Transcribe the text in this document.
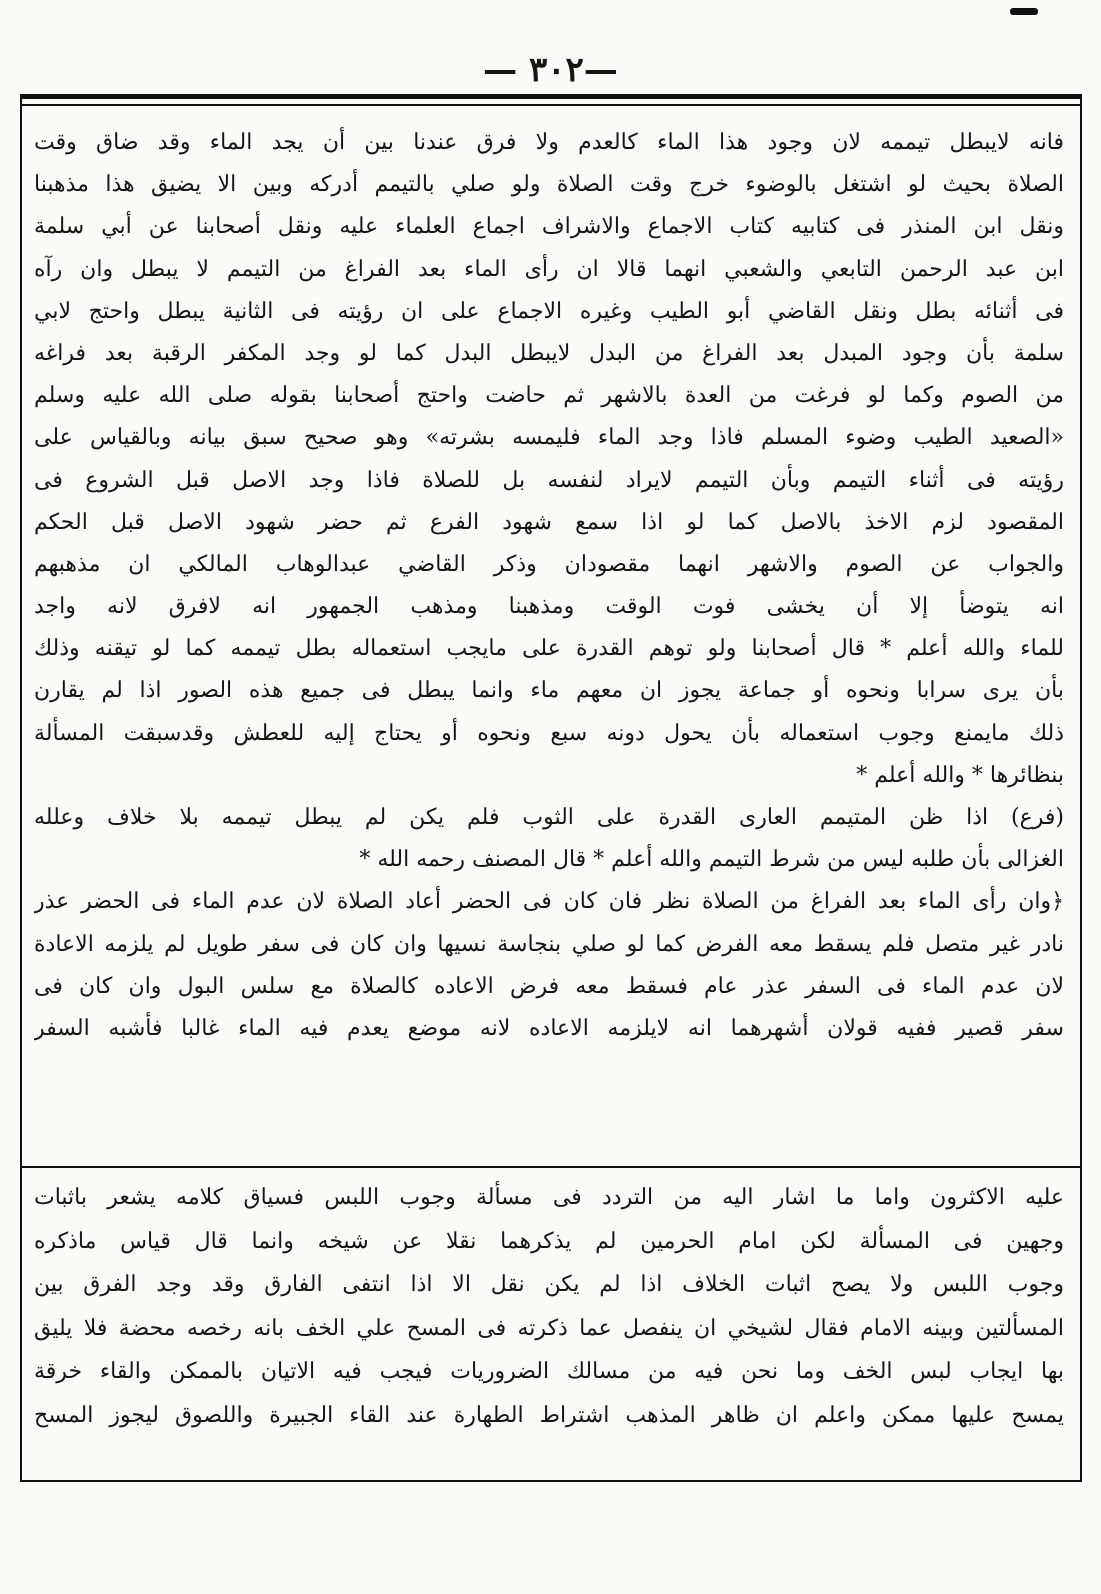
—٣٠٢ —
فانه لايبطل تيممه لان وجود هذا الماء كالعدم ولا فرق عندنا بين أن يجد الماء وقد ضاق وقت
الصلاة بحيث لو اشتغل بالوضوء خرج وقت الصلاة ولو صلي بالتيمم أدركه وبين الا يضيق هذا مذهبنا
ونقل ابن المنذر فى كتابيه كتاب الاجماع والاشراف اجماع العلماء عليه ونقل أصحابنا عن أبي سلمة
ابن عبد الرحمن التابعي والشعبي انهما قالا ان رأى الماء بعد الفراغ من التيمم لا يبطل وان رآه
فى أثنائه بطل ونقل القاضي أبو الطيب وغيره الاجماع على ان رؤيته فى الثانية يبطل واحتج لابي
سلمة بأن وجود المبدل بعد الفراغ من البدل لايبطل البدل كما لو وجد المكفر الرقبة بعد فراغه
من الصوم وكما لو فرغت من العدة بالاشهر ثم حاضت واحتج أصحابنا بقوله صلى الله عليه وسلم
«الصعيد الطيب وضوء المسلم فاذا وجد الماء فليمسه بشرته» وهو صحيح سبق بيانه وبالقياس على
رؤيته فى أثناء التيمم وبأن التيمم لايراد لنفسه بل للصلاة فاذا وجد الاصل قبل الشروع فى
المقصود لزم الاخذ بالاصل كما لو اذا سمع شهود الفرع ثم حضر شهود الاصل قبل الحكم
والجواب عن الصوم والاشهر انهما مقصودان وذكر القاضي عبدالوهاب المالكي ان مذهبهم
انه يتوضأ إلا أن يخشى فوت الوقت ومذهبنا ومذهب الجمهور انه لافرق لانه واجد
للماء والله أعلم * قال أصحابنا ولو توهم القدرة على مايجب استعماله بطل تيممه كما لو تيقنه وذلك
بأن يرى سرابا ونحوه أو جماعة يجوز ان معهم ماء وانما يبطل فى جميع هذه الصور اذا لم يقارن
ذلك مايمنع وجوب استعماله بأن يحول دونه سبع ونحوه أو يحتاج إليه للعطش وقدسبقت المسألة
بنظائرها * والله أعلم *
(فرع) اذا ظن المتيمم العارى القدرة على الثوب فلم يكن لم يبطل تيممه بلا خلاف وعلله
الغزالى بأن طلبه ليس من شرط التيمم والله أعلم * قال المصنف رحمه الله *
﴿وان رأى الماء بعد الفراغ من الصلاة نظر فان كان فى الحضر أعاد الصلاة لان عدم الماء فى الحضر عذر
نادر غير متصل فلم يسقط معه الفرض كما لو صلي بنجاسة نسيها وان كان فى سفر طويل لم يلزمه الاعادة
لان عدم الماء فى السفر عذر عام فسقط معه فرض الاعاده كالصلاة مع سلس البول وان كان فى
سفر قصير ففيه قولان أشهرهما انه لايلزمه الاعاده لانه موضع يعدم فيه الماء غالبا فأشبه السفر
عليه الاكثرون واما ما اشار اليه من التردد فى مسألة وجوب اللبس فسياق كلامه يشعر باثبات
وجهين فى المسألة لكن امام الحرمين لم يذكرهما نقلا عن شيخه وانما قال قياس ماذكره
وجوب اللبس ولا يصح اثبات الخلاف اذا لم يكن نقل الا اذا انتفى الفارق وقد وجد الفرق بين
المسألتين وبينه الامام فقال لشيخي ان ينفصل عما ذكرته فى المسح علي الخف بانه رخصه محضة فلا يليق
بها ايجاب لبس الخف وما نحن فيه من مسالك الضروريات فيجب فيه الاتيان بالممكن والقاء خرقة
يمسح عليها ممكن واعلم ان ظاهر المذهب اشتراط الطهارة عند القاء الجبيرة واللصوق ليجوز المسح
